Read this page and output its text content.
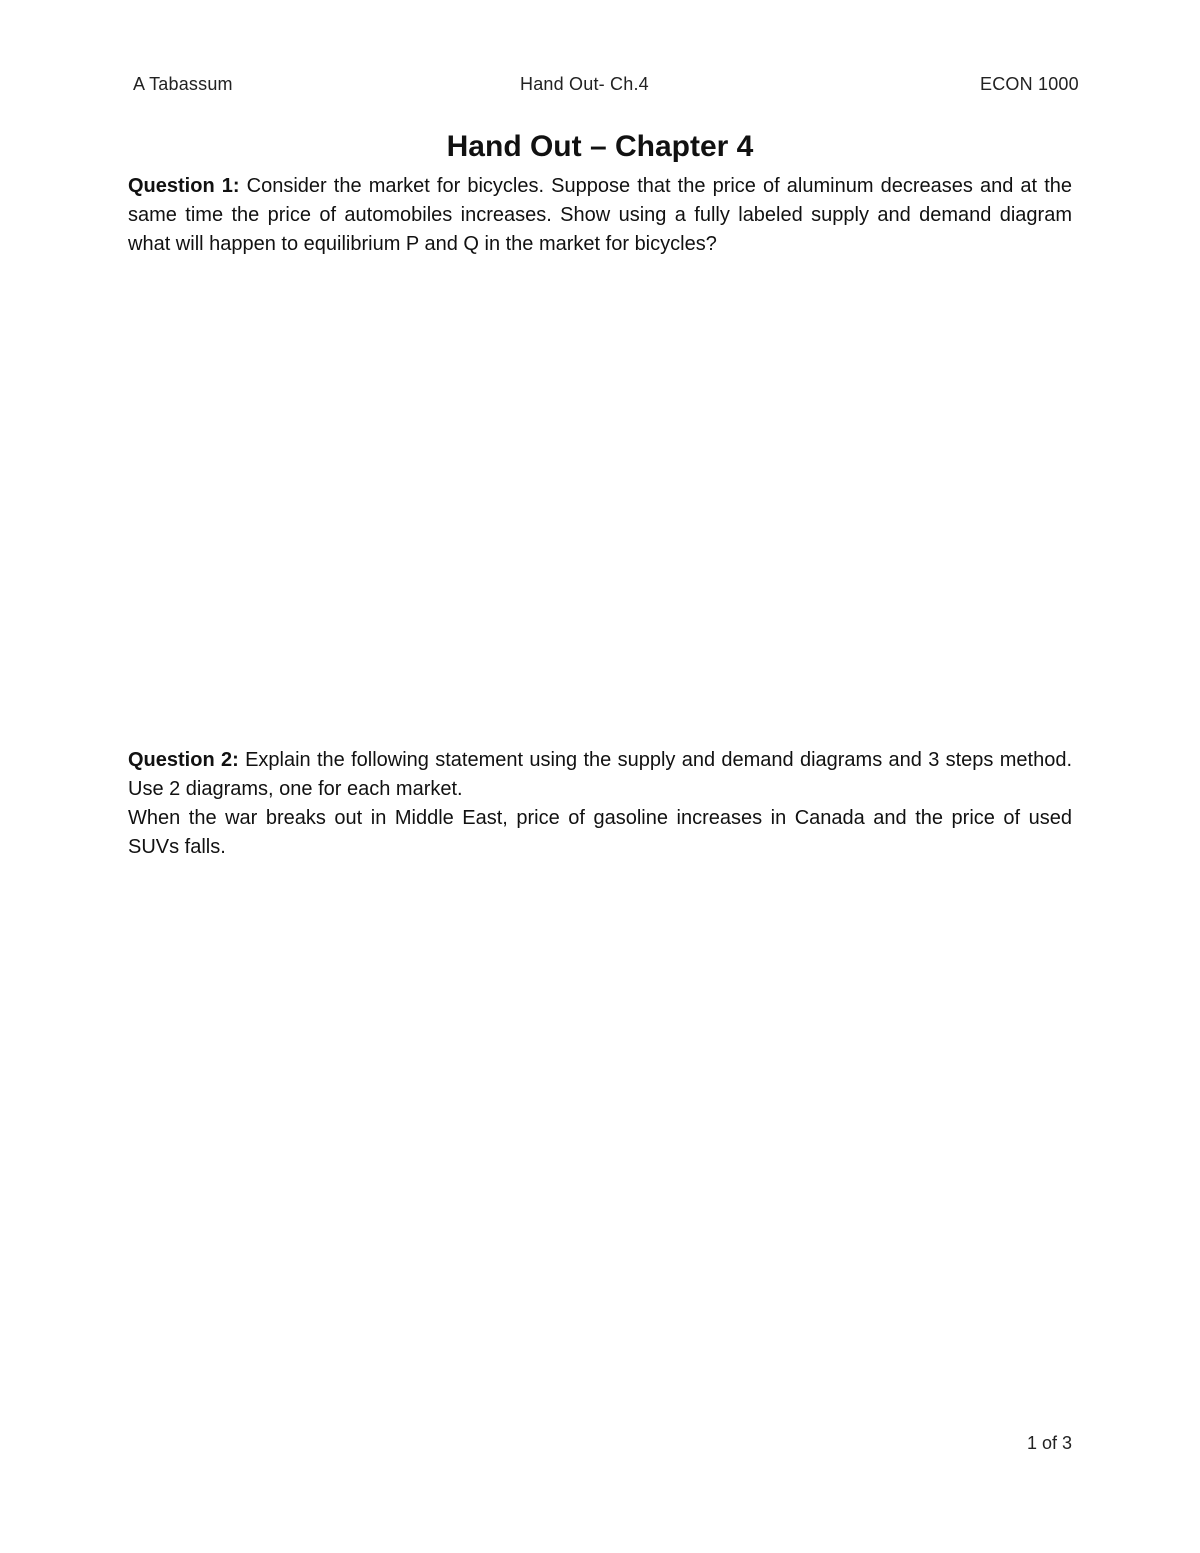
A Tabassum	Hand Out- Ch.4	ECON 1000
Hand Out – Chapter 4

Question 1: Consider the market for bicycles. Suppose that the price of aluminum decreases and at the same time the price of automobiles increases. Show using a fully labeled supply and demand diagram what will happen to equilibrium P and Q in the market for bicycles?

Question 2: Explain the following statement using the supply and demand diagrams and 3 steps method. Use 2 diagrams, one for each market.
When the war breaks out in Middle East, price of gasoline increases in Canada and the price of used SUVs falls.

1 of 3
